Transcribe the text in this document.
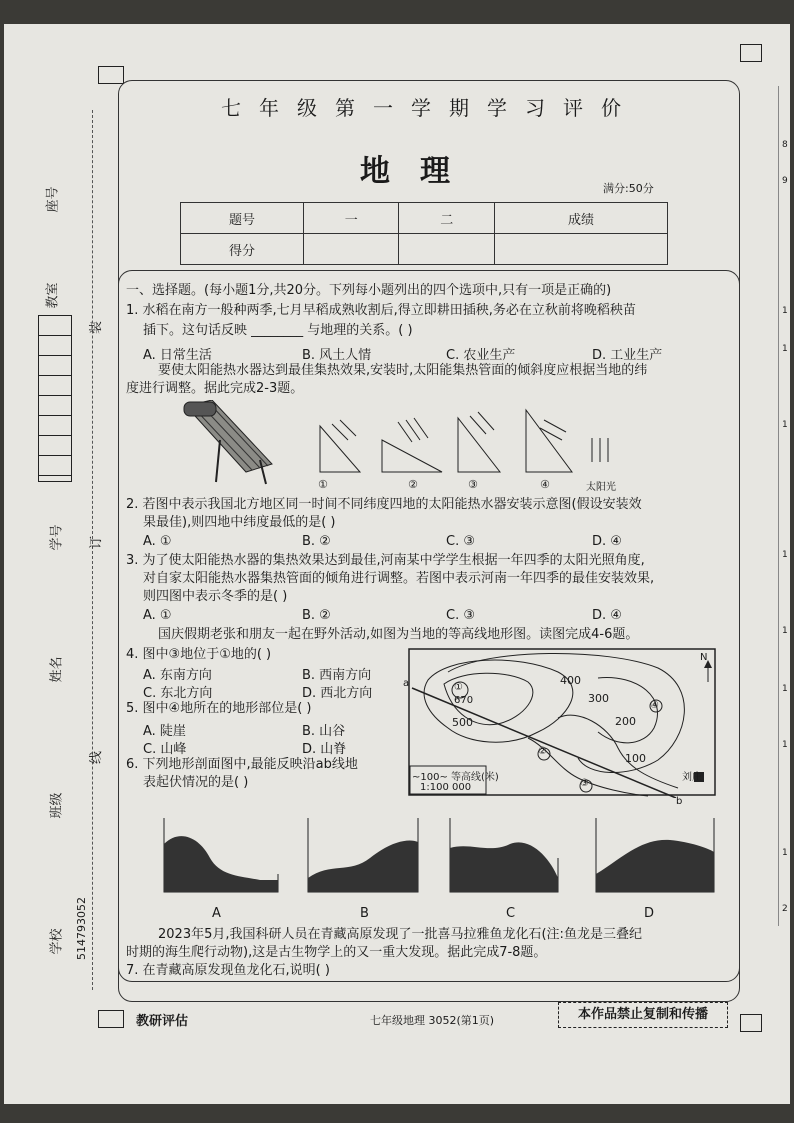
座号
教室
装
学号	订
姓名
线
班级
学校 514793052
七年级第一学期学习评价
地理	满分:50分
题号	一	二	成绩
得分			
一、选择题。(每小题1分,共20分。下列每小题列出的四个选项中,只有一项是正确的)
1. 水稻在南方一般种两季,七月早稻成熟收割后,得立即耕田插秧,务必在立秋前将晚稻秧苗
插下。这句话反映 ________ 与地理的关系。( )
A. 日常生活	B. 风土人情	C. 农业生产	D. 工业生产
要使太阳能热水器达到最佳集热效果,安装时,太阳能集热管面的倾斜度应根据当地的纬
度进行调整。据此完成2-3题。
①	②	③	④	太阳光
2. 若图中表示我国北方地区同一时间不同纬度四地的太阳能热水器安装示意图(假设安装效
果最佳),则四地中纬度最低的是( )
A. ①	B. ②	C. ③	D. ④
3. 为了使太阳能热水器的集热效果达到最佳,河南某中学学生根据一年四季的太阳光照角度,
对自家太阳能热水器集热管面的倾角进行调整。若图中表示河南一年四季的最佳安装效果,
则四图中表示冬季的是( )
A. ①	B. ②	C. ③	D. ④
国庆假期老张和朋友一起在野外活动,如图为当地的等高线地形图。读图完成4-6题。
4. 图中③地位于①地的( )
A. 东南方向	B. 西南方向
C. 东北方向	D. 西北方向
5. 图中④地所在的地形部位是( )
A. 陡崖	B. 山谷
C. 山峰	D. 山脊
6. 下列地形剖面图中,最能反映沿ab线地
表起伏情况的是( )
①
670
400
300
200
500
100
②
③
④
N
a
b
~100~ 等高线(米)
1:100 000
刘庄
A	B	C	D
2023年5月,我国科研人员在青藏高原发现了一批喜马拉雅鱼龙化石(注:鱼龙是三叠纪
时期的海生爬行动物),这是古生物学上的又一重大发现。据此完成7-8题。
7. 在青藏高原发现鱼龙化石,说明( )
教研评估	七年级地理 3052(第1页)	本作品禁止复制和传播
8
9
1
1
1
1
1
1
1
1
2
